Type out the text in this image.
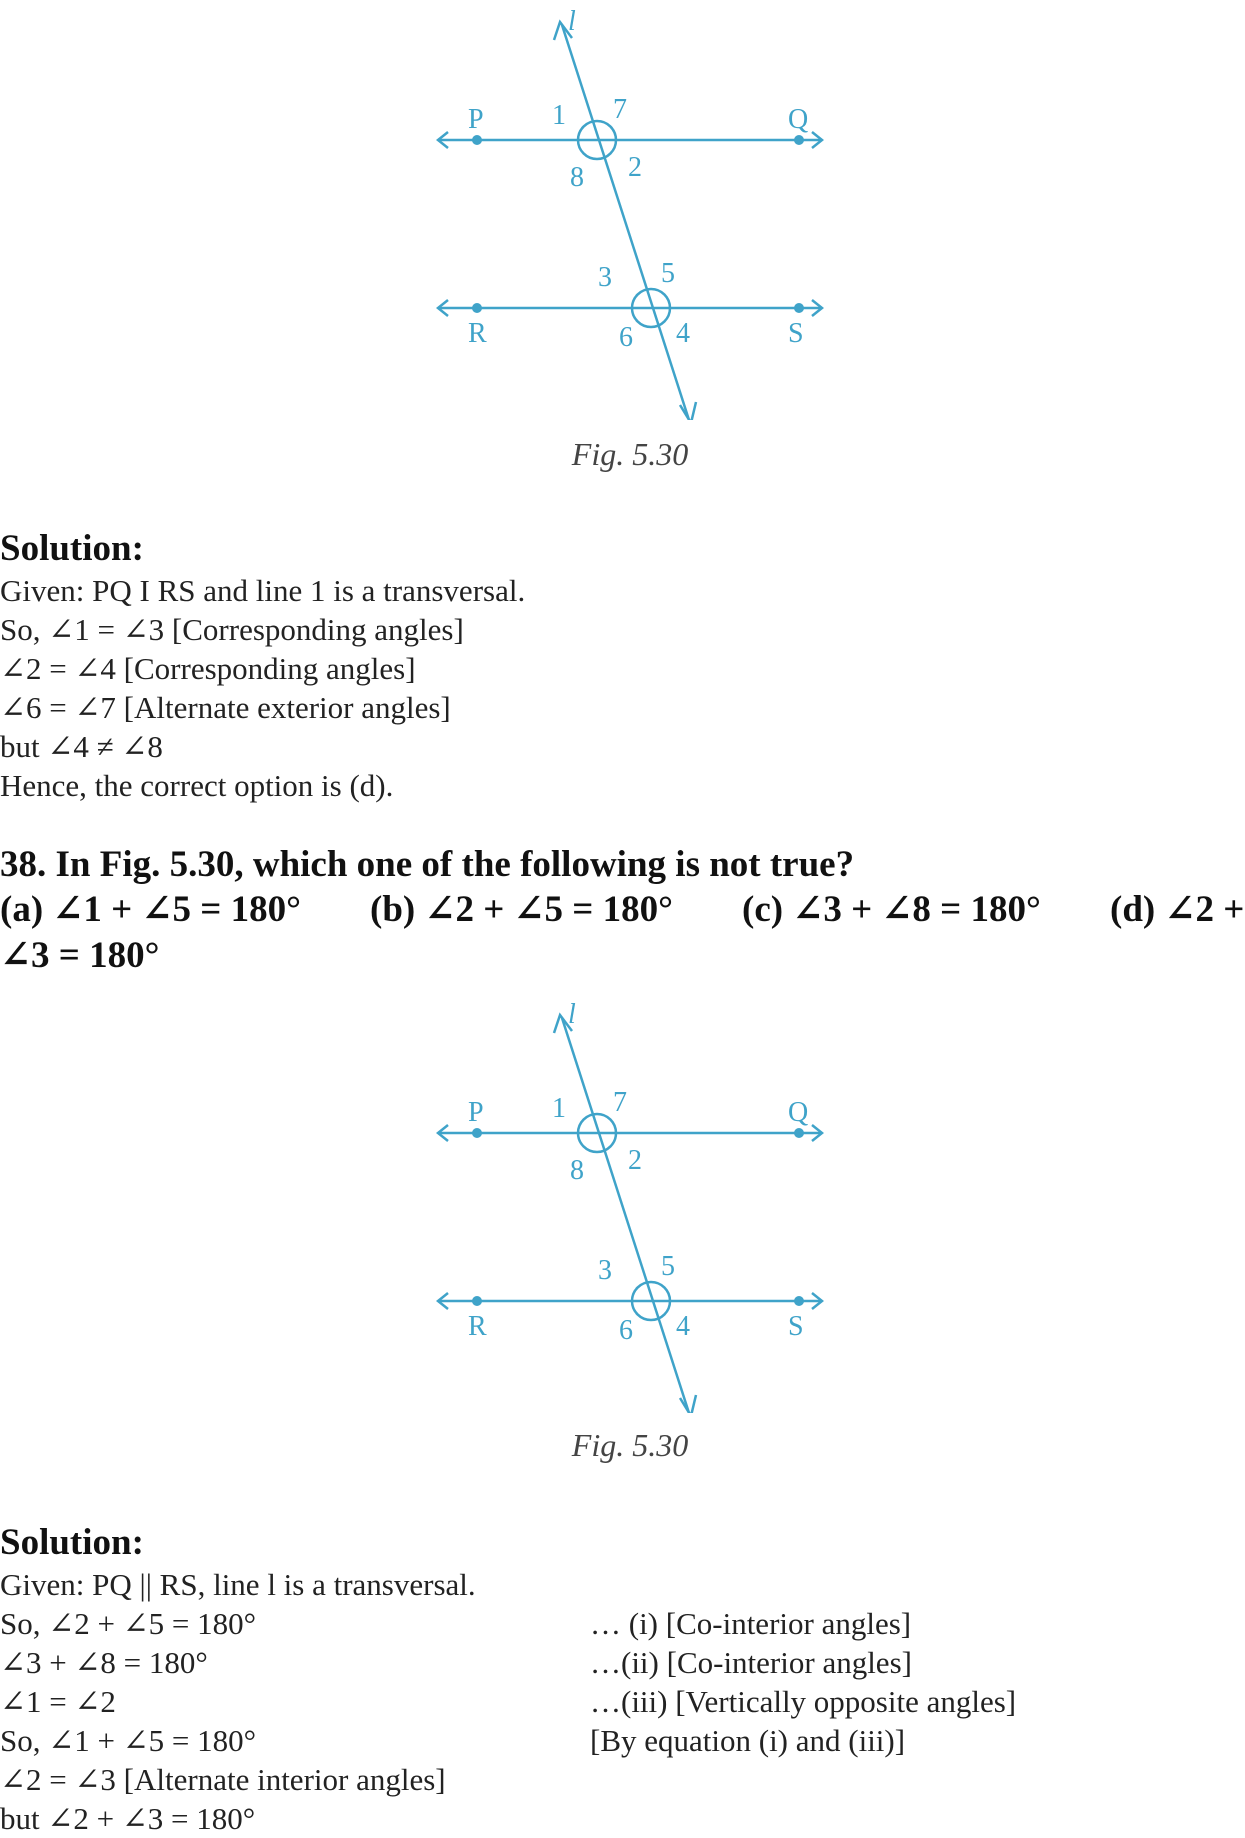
l
P	Q
R	S
1 7
8 2
3 5
6 4
Fig. 5.30
Solution:
Given: PQ I RS and line 1 is a transversal.
So, ∠1 = ∠3 [Corresponding angles]
∠2 = ∠4 [Corresponding angles]
∠6 = ∠7 [Alternate exterior angles]
but ∠4 ≠ ∠8
Hence, the correct option is (d).
38. In Fig. 5.30, which one of the following is not true?
(a) ∠1 + ∠5 = 180° (b) ∠2 + ∠5 = 180° (c) ∠3 + ∠8 = 180° (d) ∠2 +
∠3 = 180°
l
P	Q
R	S
1 7
8 2
3 5
6 4
Fig. 5.30
Solution:
Given: PQ || RS, line l is a transversal.
So, ∠2 + ∠5 = 180°	… (i) [Co-interior angles]
∠3 + ∠8 = 180°	…(ii) [Co-interior angles]
∠1 = ∠2	…(iii) [Vertically opposite angles]
So, ∠1 + ∠5 = 180°	[By equation (i) and (iii)]
∠2 = ∠3 [Alternate interior angles]
but ∠2 + ∠3 = 180°
